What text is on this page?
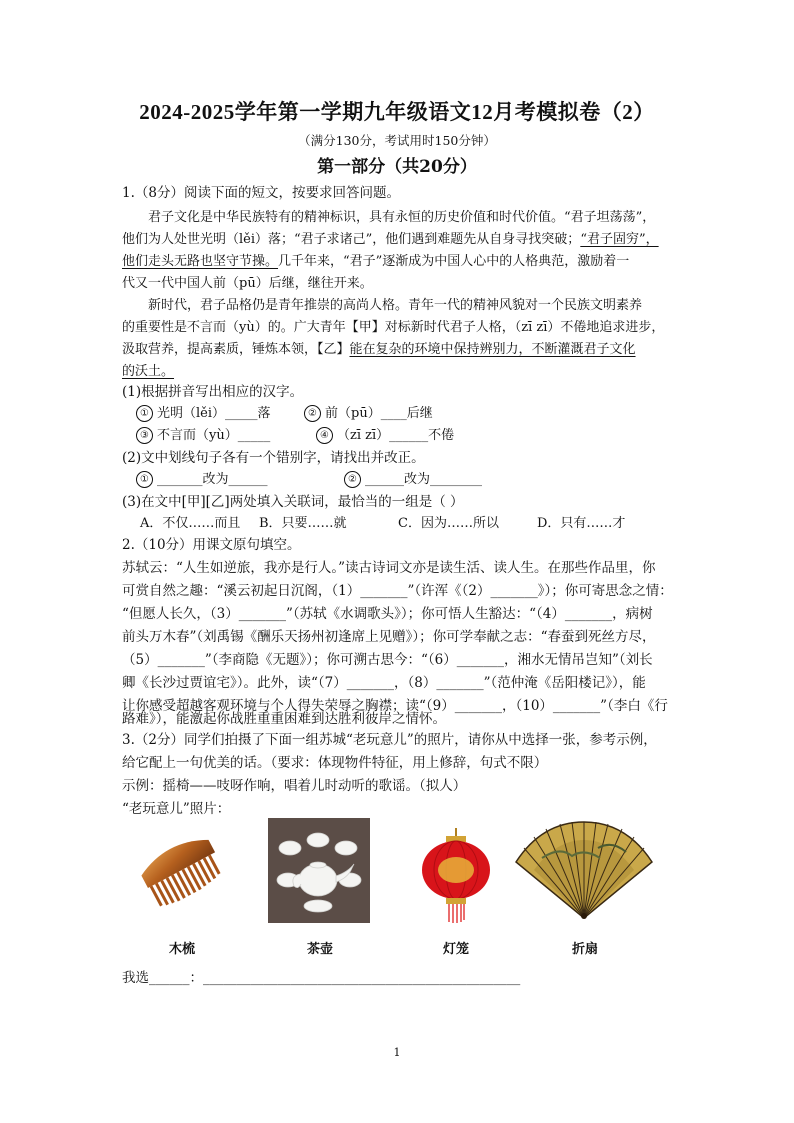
2024-2025学年第一学期九年级语文12月考模拟卷（2）
（满分130分，考试用时150分钟）
第一部分（共20分）
1.（8分）阅读下面的短文，按要求回答问题。
君子文化是中华民族特有的精神标识，具有永恒的历史价值和时代价值。“君子坦荡荡”，
他们为人处世光明（lěi）落；“君子求诸己”，他们遇到难题先从自身寻找突破；“君子固穷”，
他们走头无路也坚守节操。几千年来，“君子”逐渐成为中国人心中的人格典范，激励着一
代又一代中国人前（pū）后继，继往开来。
新时代，君子品格仍是青年推崇的高尚人格。青年一代的精神风貌对一个民族文明素养
的重要性是不言而（yù）的。广大青年【甲】对标新时代君子人格，（zī zī）不倦地追求进步，
汲取营养，提高素质，锤炼本领，【乙】能在复杂的环境中保持辨别力，不断灌溉君子文化
的沃土。
(1)根据拼音写出相应的汉字。
① 光明（lěi）_____落	② 前（pū）____后继
③ 不言而（yù）_____	④ （zī zī）______不倦
(2)文中划线句子各有一个错别字，请找出并改正。
① _______改为______	② ______改为________
(3)在文中[甲][乙]两处填入关联词，最恰当的一组是（ ）
A．不仅……而且 B．只要……就	C．因为……所以	D．只有……才
2.（10分）用课文原句填空。
苏轼云：“人生如逆旅，我亦是行人。”读古诗词文亦是读生活、读人生。在那些作品里，你
可赏自然之趣：“溪云初起日沉阁，（1）_______”（许浑《（2）_______》）；你可寄思念之情：
“但愿人长久，（3）_______”（苏轼《水调歌头》）；你可悟人生豁达：“（4）_______，病树
前头万木春”（刘禹锡《酬乐天扬州初逢席上见赠》）；你可学奉献之志：“春蚕到死丝方尽，
（5）_______”（李商隐《无题》）；你可溯古思今：“（6）_______，湘水无情吊岂知”（刘长
卿《长沙过贾谊宅》）。此外，读“（7）_______，（8）_______”（范仲淹《岳阳楼记》），能
让你感受超越客观环境与个人得失荣辱之胸襟；读“（9）_______，（10）_______”（李白《行
路难》），能激起你战胜重重困难到达胜利彼岸之情怀。
3.（2分）同学们拍摄了下面一组苏城“老玩意儿”的照片，请你从中选择一张，参考示例，
给它配上一句优美的话。（要求：体现物件特征，用上修辞，句式不限）
示例：摇椅——吱呀作响，唱着儿时动听的歌谣。（拟人）
“老玩意儿”照片：
木梳	茶壶	灯笼	折扇
我选______：_______________________________________________
1
